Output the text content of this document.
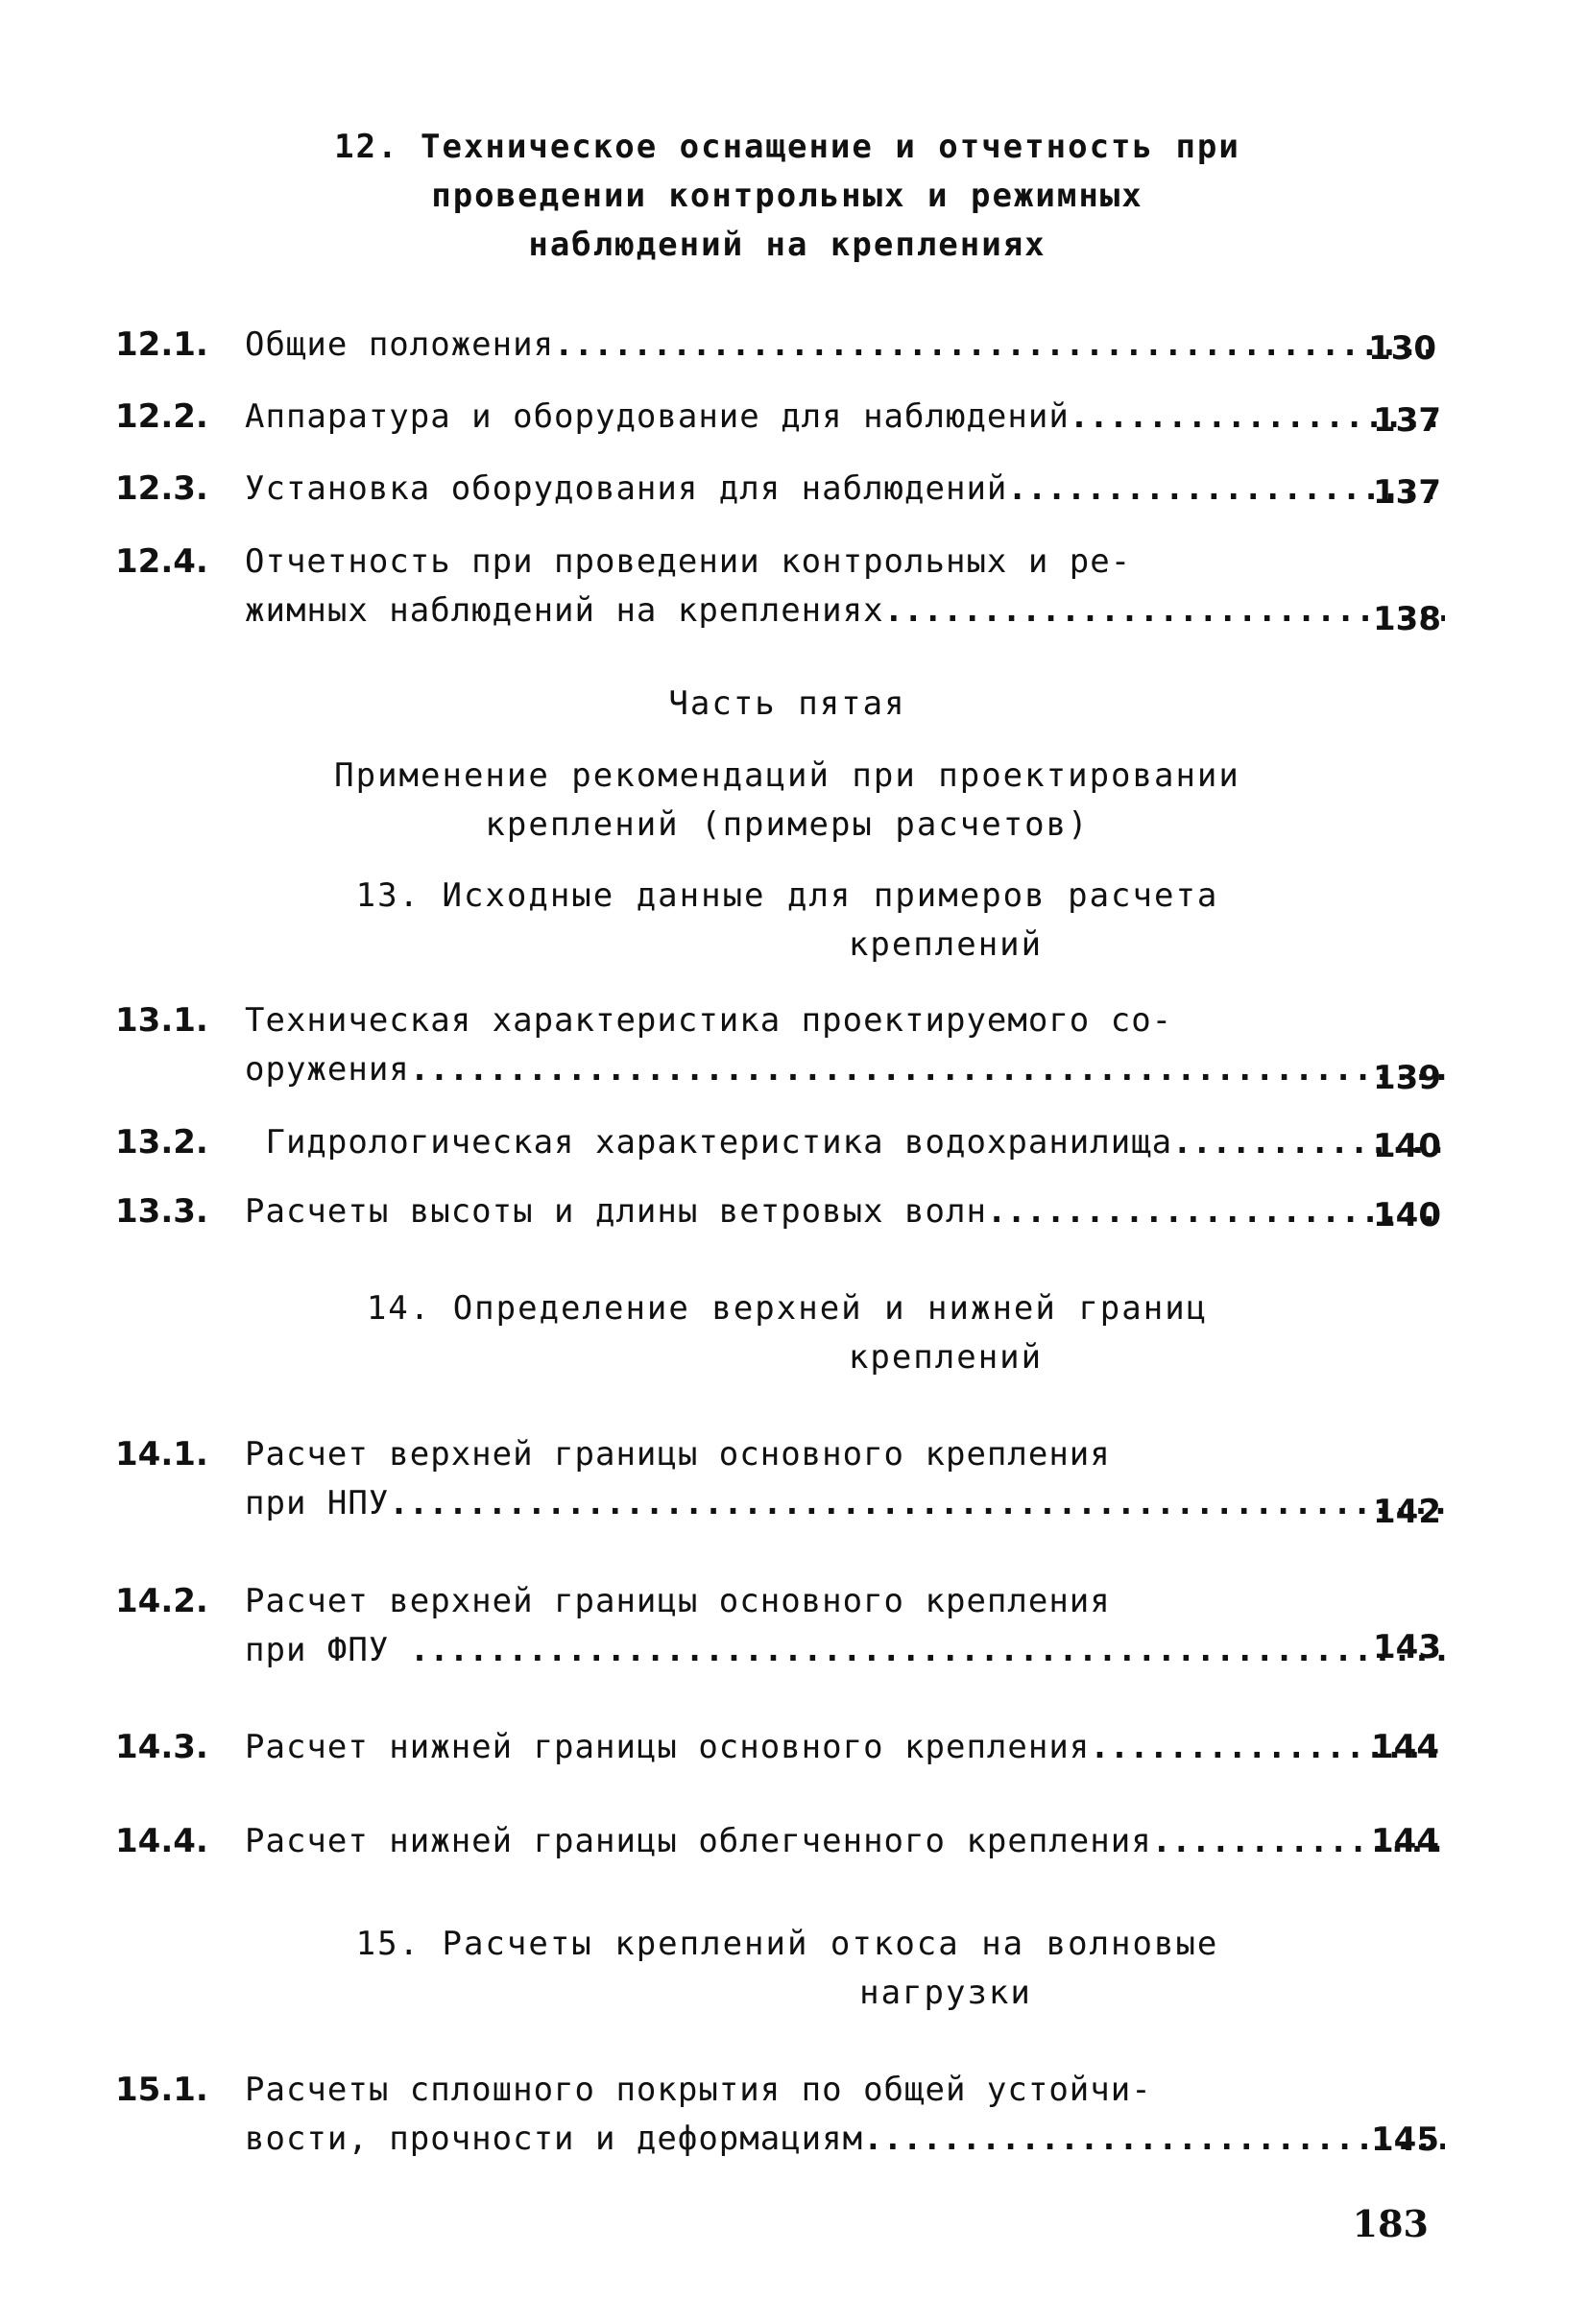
12. Техническое оснащение и отчетность при
проведении контрольных и режимных
наблюдений на креплениях
12.1. Общие положения .....	130
12.2. Аппаратура и оборудование для наблюдений .....	137
12.3. Установка оборудования для наблюдений .....	137
12.4. Отчетность при проведении контрольных и ре-
жимных наблюдений на креплениях .....	138
Часть пятая
Применение рекомендаций при проектировании
креплений (примеры расчетов)
13. Исходные данные для примеров расчета
креплений
13.1. Техническая характеристика проектируемого со-
оружения .....	139
13.2. Гидрологическая характеристика водохранилища .....	140
13.3. Расчеты высоты и длины ветровых волн .....	140
14. Определение верхней и нижней границ
креплений
14.1. Расчет верхней границы основного крепления
при НПУ .....	142
14.2. Расчет верхней границы основного крепления
при ФПУ .....	143
14.3. Расчет нижней границы основного крепления .....	144
14.4. Расчет нижней границы облегченного крепления .....	144
15. Расчеты креплений откоса на волновые
нагрузки
15.1. Расчеты сплошного покрытия по общей устойчи-
вости, прочности и деформациям .....	145
183
